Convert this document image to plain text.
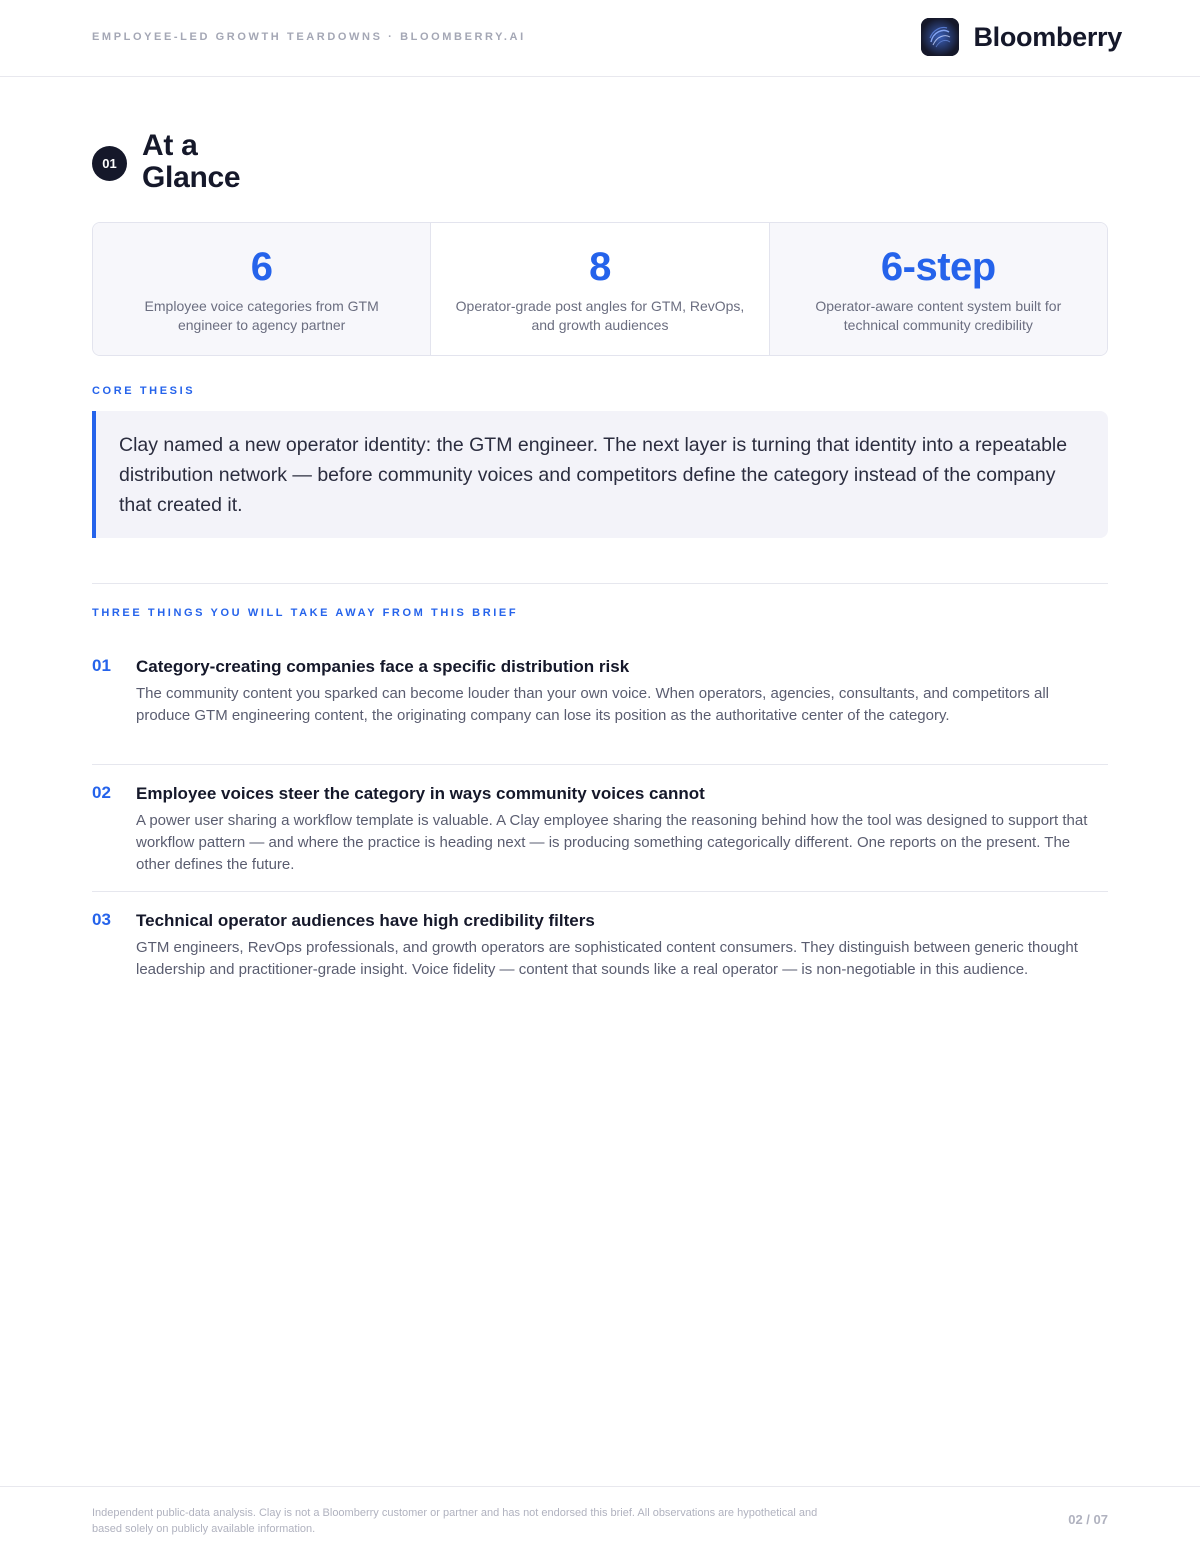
EMPLOYEE-LED GROWTH TEARDOWNS · BLOOMBERRY.AI	Bloomberry
01
At a Glance
6
Employee voice categories from GTM engineer to agency partner
8
Operator-grade post angles for GTM, RevOps, and growth audiences
6-step
Operator-aware content system built for technical community credibility
CORE THESIS
Clay named a new operator identity: the GTM engineer. The next layer is turning that identity into a repeatable distribution network — before community voices and competitors define the category instead of the company that created it.
THREE THINGS YOU WILL TAKE AWAY FROM THIS BRIEF
01 Category-creating companies face a specific distribution risk
The community content you sparked can become louder than your own voice. When operators, agencies, consultants, and competitors all produce GTM engineering content, the originating company can lose its position as the authoritative center of the category.
02 Employee voices steer the category in ways community voices cannot
A power user sharing a workflow template is valuable. A Clay employee sharing the reasoning behind how the tool was designed to support that workflow pattern — and where the practice is heading next — is producing something categorically different. One reports on the present. The other defines the future.
03 Technical operator audiences have high credibility filters
GTM engineers, RevOps professionals, and growth operators are sophisticated content consumers. They distinguish between generic thought leadership and practitioner-grade insight. Voice fidelity — content that sounds like a real operator — is non-negotiable in this audience.
Independent public-data analysis. Clay is not a Bloomberry customer or partner and has not endorsed this brief. All observations are hypothetical and based solely on publicly available information.
02 / 07
